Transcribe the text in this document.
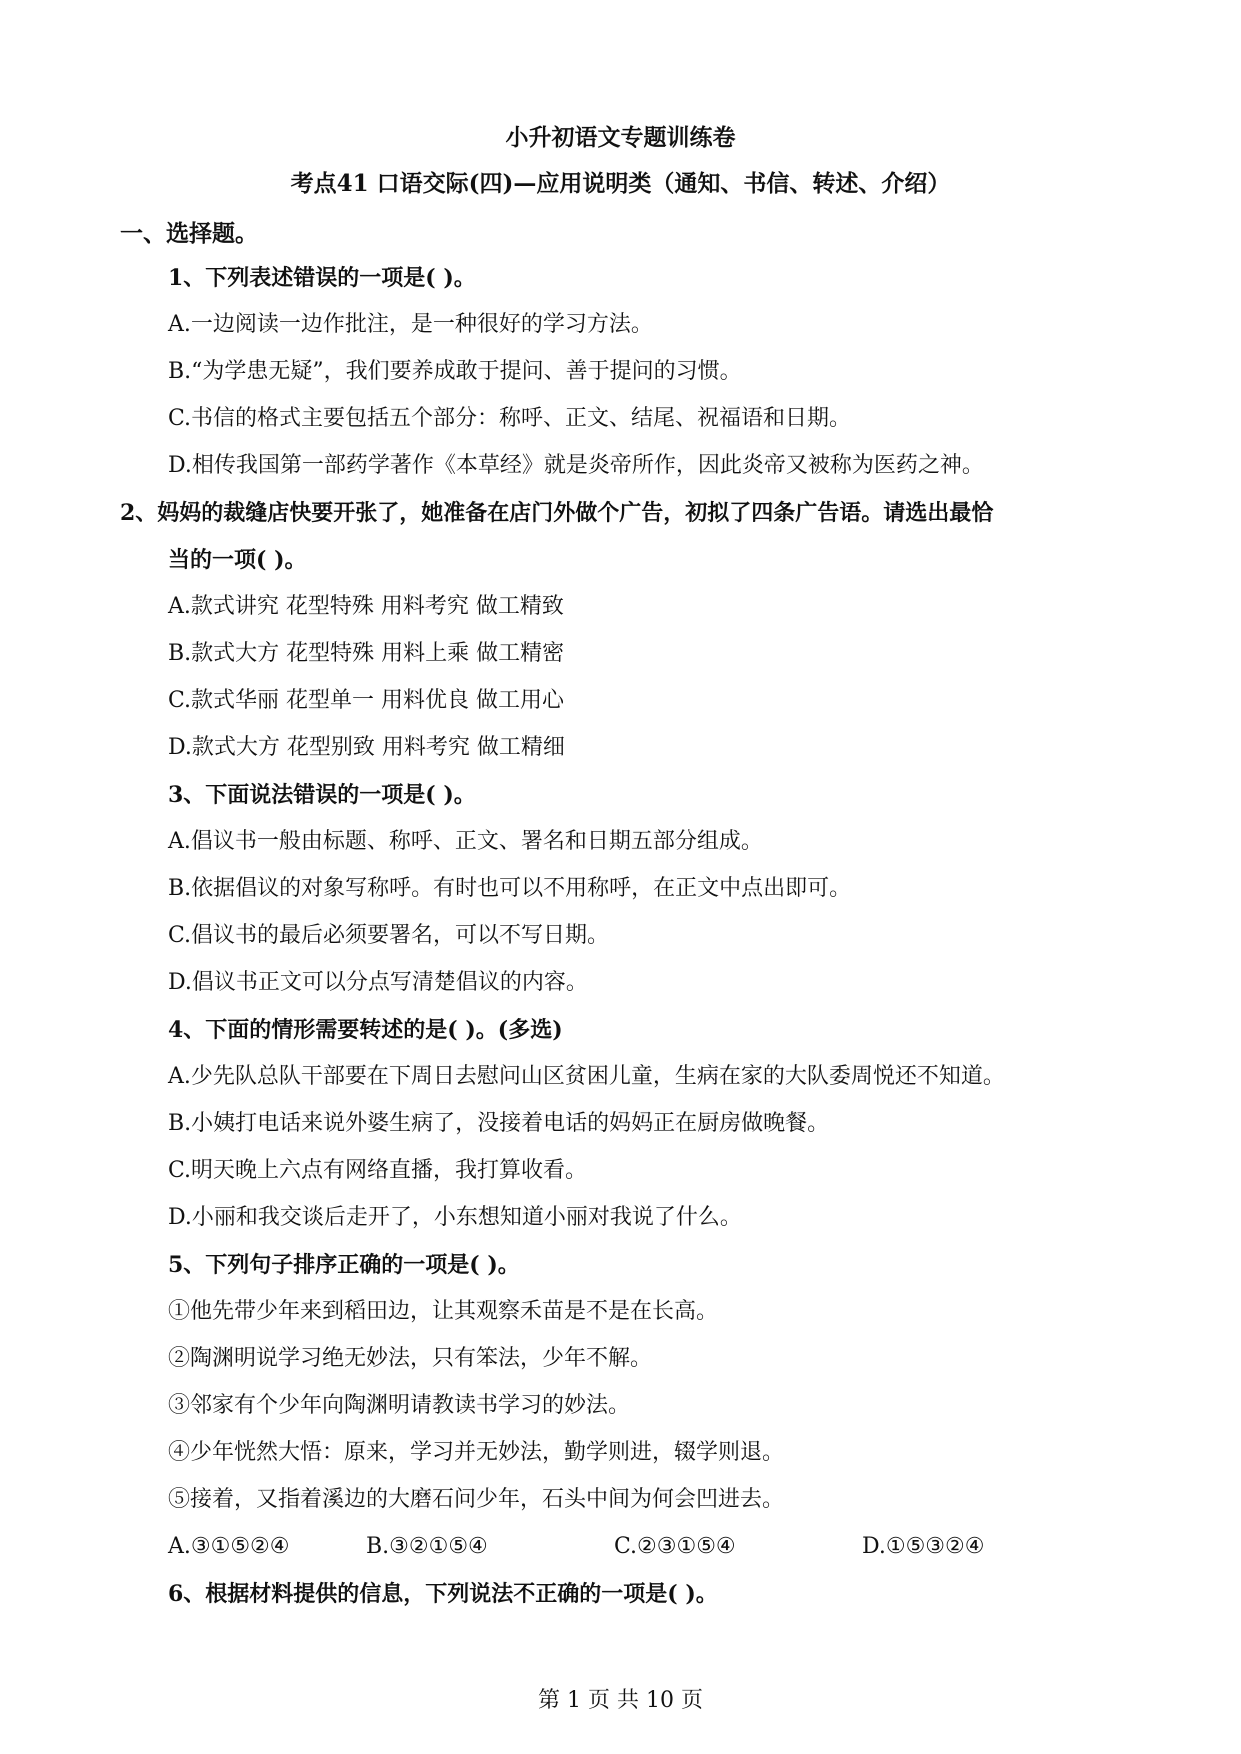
小升初语文专题训练卷
考点41 口语交际(四)—应用说明类（通知、书信、转述、介绍）
一、选择题。
1、下列表述错误的一项是( )。
A.一边阅读一边作批注，是一种很好的学习方法。
B.“为学患无疑”，我们要养成敢于提问、善于提问的习惯。
C.书信的格式主要包括五个部分：称呼、正文、结尾、祝福语和日期。
D.相传我国第一部药学著作《本草经》就是炎帝所作，因此炎帝又被称为医药之神。
2、妈妈的裁缝店快要开张了，她准备在店门外做个广告，初拟了四条广告语。请选出最恰
当的一项( )。
A.款式讲究 花型特殊 用料考究 做工精致
B.款式大方 花型特殊 用料上乘 做工精密
C.款式华丽 花型单一 用料优良 做工用心
D.款式大方 花型别致 用料考究 做工精细
3、下面说法错误的一项是( )。
A.倡议书一般由标题、称呼、正文、署名和日期五部分组成。
B.依据倡议的对象写称呼。有时也可以不用称呼，在正文中点出即可。
C.倡议书的最后必须要署名，可以不写日期。
D.倡议书正文可以分点写清楚倡议的内容。
4、下面的情形需要转述的是( )。(多选)
A.少先队总队干部要在下周日去慰问山区贫困儿童，生病在家的大队委周悦还不知道。
B.小姨打电话来说外婆生病了，没接着电话的妈妈正在厨房做晚餐。
C.明天晚上六点有网络直播，我打算收看。
D.小丽和我交谈后走开了，小东想知道小丽对我说了什么。
5、下列句子排序正确的一项是( )。
①他先带少年来到稻田边，让其观察禾苗是不是在长高。
②陶渊明说学习绝无妙法，只有笨法，少年不解。
③邻家有个少年向陶渊明请教读书学习的妙法。
④少年恍然大悟：原来，学习并无妙法，勤学则进，辍学则退。
⑤接着，又指着溪边的大磨石问少年，石头中间为何会凹进去。
A.③①⑤②④	B.③②①⑤④	C.②③①⑤④	D.①⑤③②④
6、根据材料提供的信息，下列说法不正确的一项是( )。
第 1 页 共 10 页
